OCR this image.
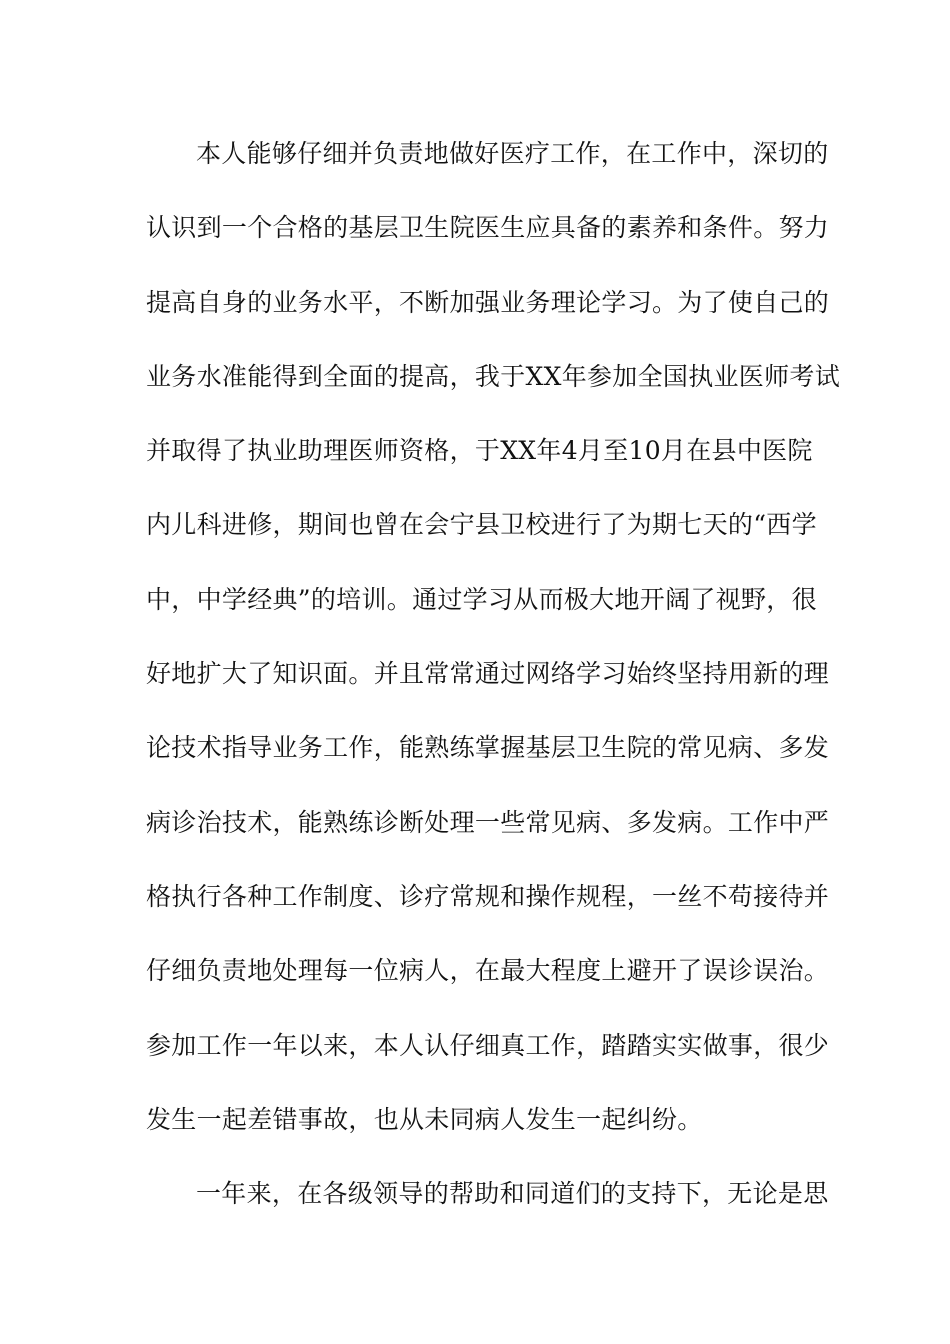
本人能够仔细并负责地做好医疗工作，在工作中，深切的
认识到一个合格的基层卫生院医生应具备的素养和条件。努力
提高自身的业务水平，不断加强业务理论学习。为了使自己的
业务水准能得到全面的提高，我于XX年参加全国执业医师考试
并取得了执业助理医师资格，于XX年4月至10月在县中医院
内儿科进修，期间也曾在会宁县卫校进行了为期七天的“西学
中，中学经典”的培训。通过学习从而极大地开阔了视野，很
好地扩大了知识面。并且常常通过网络学习始终坚持用新的理
论技术指导业务工作，能熟练掌握基层卫生院的常见病、多发
病诊治技术，能熟练诊断处理一些常见病、多发病。工作中严
格执行各种工作制度、诊疗常规和操作规程，一丝不苟接待并
仔细负责地处理每一位病人，在最大程度上避开了误诊误治。
参加工作一年以来，本人认仔细真工作，踏踏实实做事，很少
发生一起差错事故，也从未同病人发生一起纠纷。
一年来，在各级领导的帮助和同道们的支持下，无论是思
